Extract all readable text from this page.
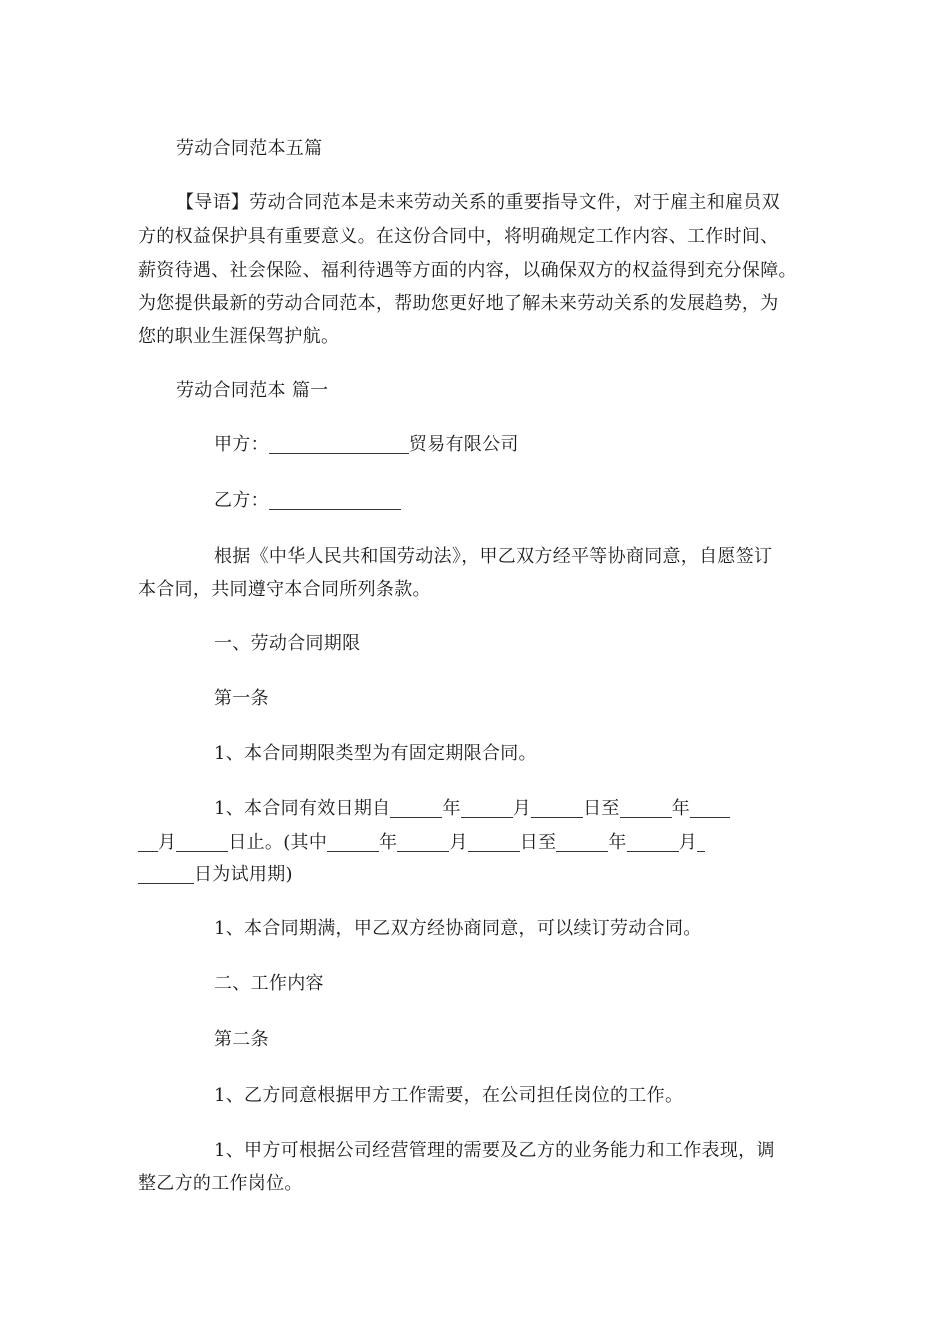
劳动合同范本五篇
【导语】劳动合同范本是未来劳动关系的重要指导文件，对于雇主和雇员双
方的权益保护具有重要意义。在这份合同中，将明确规定工作内容、工作时间、
薪资待遇、社会保险、福利待遇等方面的内容，以确保双方的权益得到充分保障。
为您提供最新的劳动合同范本，帮助您更好地了解未来劳动关系的发展趋势，为
您的职业生涯保驾护航。
劳动合同范本 篇一
甲方：	贸易有限公司
乙方：
根据《中华人民共和国劳动法》，甲乙双方经平等协商同意，自愿签订
本合同，共同遵守本合同所列条款。
一、劳动合同期限
第一条
1、本合同期限类型为有固定期限合同。
1、本合同有效日期自	年	月	日至	年
月	日止。(其中	年	月	日至	年	月
日为试用期)
1、本合同期满，甲乙双方经协商同意，可以续订劳动合同。
二、工作内容
第二条
1、乙方同意根据甲方工作需要，在公司担任岗位的工作。
1、甲方可根据公司经营管理的需要及乙方的业务能力和工作表现，调
整乙方的工作岗位。
